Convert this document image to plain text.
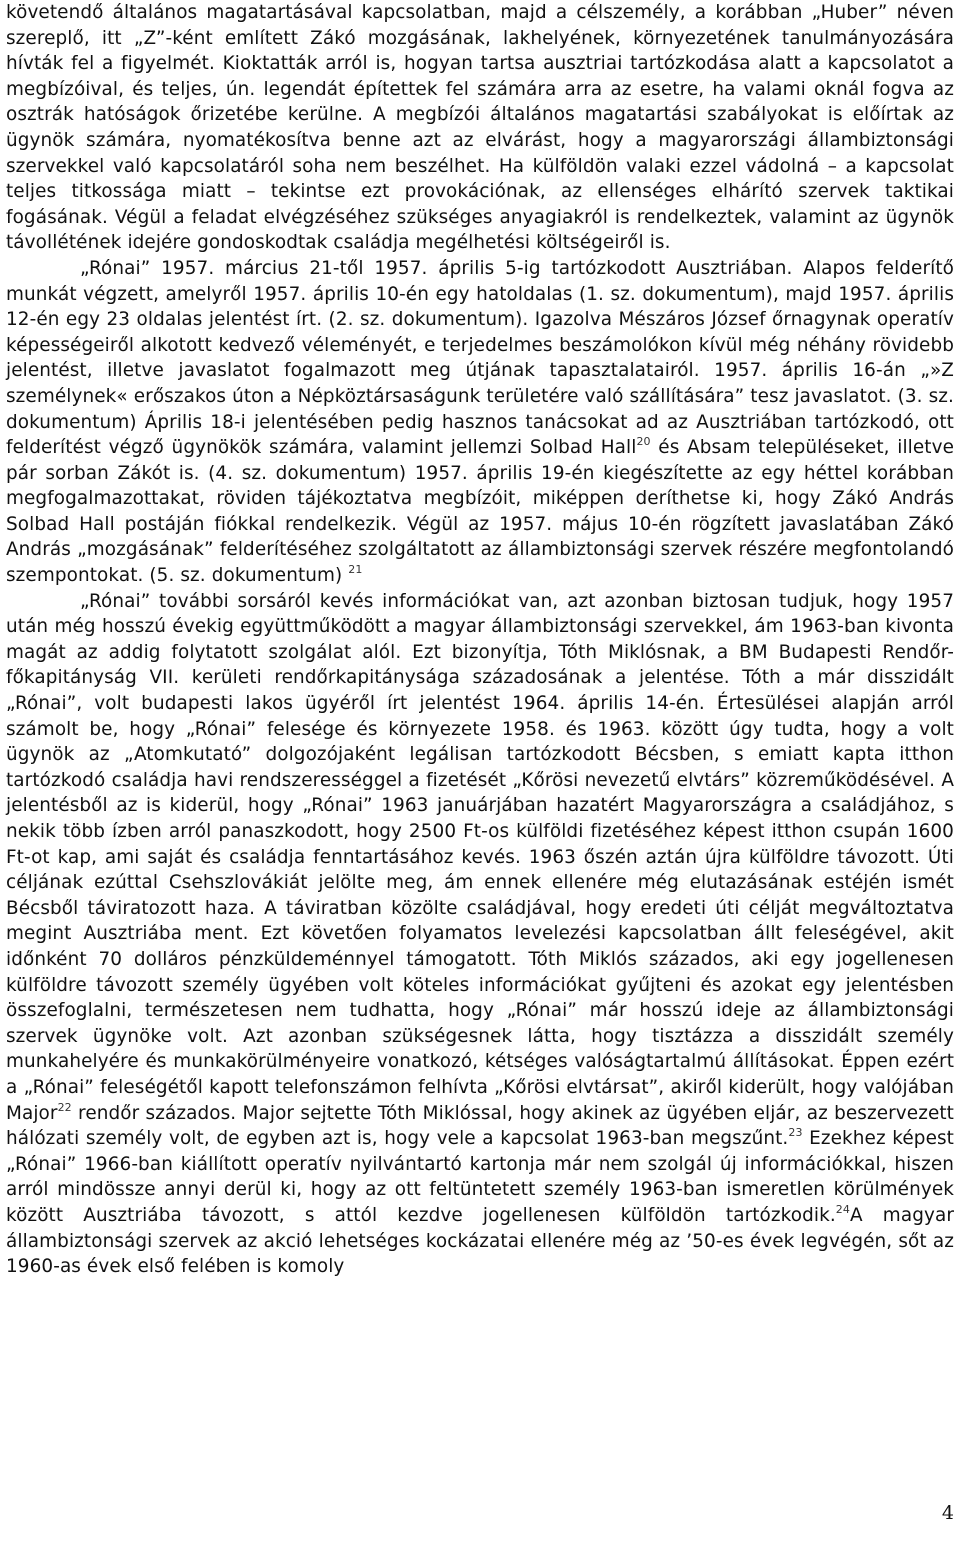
követendő általános magatartásával kapcsolatban, majd a célszemély, a korábban „Huber” néven szereplő, itt „Z”-ként említett Zákó mozgásának, lakhelyének, környezetének tanulmányozására hívták fel a figyelmét. Kioktatták arról is, hogyan tartsa ausztriai tartózkodása alatt a kapcsolatot a megbízóival, és teljes, ún. legendát építettek fel számára arra az esetre, ha valami oknál fogva az osztrák hatóságok őrizetébe kerülne. A megbízói általános magatartási szabályokat is előírtak az ügynök számára, nyomatékosítva benne azt az elvárást, hogy a magyarországi állambiztonsági szervekkel való kapcsolatáról soha nem beszélhet. Ha külföldön valaki ezzel vádolná – a kapcsolat teljes titkossága miatt – tekintse ezt provokációnak, az ellenséges elhárító szervek taktikai fogásának. Végül a feladat elvégzéséhez szükséges anyagiakról is rendelkeztek, valamint az ügynök távollétének idejére gondoskodtak családja megélhetési költségeiről is.

„Rónai” 1957. március 21-től 1957. április 5-ig tartózkodott Ausztriában. Alapos felderítő munkát végzett, amelyről 1957. április 10-én egy hatoldalas (1. sz. dokumentum), majd 1957. április 12-én egy 23 oldalas jelentést írt. (2. sz. dokumentum). Igazolva Mészáros József őrnagynak operatív képességeiről alkotott kedvező véleményét, e terjedelmes beszámolókon kívül még néhány rövidebb jelentést, illetve javaslatot fogalmazott meg útjának tapasztalatairól. 1957. április 16-án „»Z személynek« erőszakos úton a Népköztársaságunk területére való szállítására” tesz javaslatot. (3. sz. dokumentum) Április 18-i jelentésében pedig hasznos tanácsokat ad az Ausztriában tartózkodó, ott felderítést végző ügynökök számára, valamint jellemzi Solbad Hall$^{20}$ és Absam településeket, illetve pár sorban Zákót is. (4. sz. dokumentum) 1957. április 19-én kiegészítette az egy héttel korábban megfogalmazottakat, röviden tájékoztatva megbízóit, miképpen deríthetse ki, hogy Zákó András Solbad Hall postáján fiókkal rendelkezik. Végül az 1957. május 10-én rögzített javaslatában Zákó András „mozgásának” felderítéséhez szolgáltatott az állambiztonsági szervek részére megfontolandó szempontokat. (5. sz. dokumentum) $^{21}$

„Rónai” további sorsáról kevés információkat van, azt azonban biztosan tudjuk, hogy 1957 után még hosszú évekig együttműködött a magyar állambiztonsági szervekkel, ám 1963-ban kivonta magát az addig folytatott szolgálat alól. Ezt bizonyítja, Tóth Miklósnak, a BM Budapesti Rendőr-főkapitányság VII. kerületi rendőrkapitánysága századosának a jelentése. Tóth a már disszidált „Rónai”, volt budapesti lakos ügyéről írt jelentést 1964. április 14-én. Értesülései alapján arról számolt be, hogy „Rónai” felesége és környezete 1958. és 1963. között úgy tudta, hogy a volt ügynök az „Atomkutató” dolgozójaként legálisan tartózkodott Bécsben, s emiatt kapta itthon tartózkodó családja havi rendszerességgel a fizetését „Kőrösi nevezetű elvtárs” közreműködésével. A jelentésből az is kiderül, hogy „Rónai” 1963 januárjában hazatért Magyarországra a családjához, s nekik több ízben arról panaszkodott, hogy 2500 Ft-os külföldi fizetéséhez képest itthon csupán 1600 Ft-ot kap, ami saját és családja fenntartásához kevés. 1963 őszén aztán újra külföldre távozott. Úti céljának ezúttal Csehszlovákiát jelölte meg, ám ennek ellenére még elutazásának estéjén ismét Bécsből táviratozott haza. A táviratban közölte családjával, hogy eredeti úti célját megváltoztatva megint Ausztriába ment. Ezt követően folyamatos levelezési kapcsolatban állt feleségével, akit időnként 70 dolláros pénzküldeménnyel támogatott. Tóth Miklós százados, aki egy jogellenesen külföldre távozott személy ügyében volt köteles információkat gyűjteni és azokat egy jelentésben összefoglalni, természetesen nem tudhatta, hogy „Rónai” már hosszú ideje az állambiztonsági szervek ügynöke volt. Azt azonban szükségesnek látta, hogy tisztázza a disszidált személy munkahelyére és munkakörülményeire vonatkozó, kétséges valóságtartalmú állításokat. Éppen ezért a „Rónai” feleségétől kapott telefonszámon felhívta „Kőrösi elvtársat”, akiről kiderült, hogy valójában Major$^{22}$ rendőr százados. Major sejtette Tóth Miklóssal, hogy akinek az ügyében eljár, az beszervezett hálózati személy volt, de egyben azt is, hogy vele a kapcsolat 1963-ban megszűnt.$^{23}$ Ezekhez képest „Rónai” 1966-ban kiállított operatív nyilvántartó kartonja már nem szolgál új információkkal, hiszen arról mindössze annyi derül ki, hogy az ott feltüntetett személy 1963-ban ismeretlen körülmények között Ausztriába távozott, s attól kezdve jogellenesen külföldön tartózkodik.$^{24}$A magyar állambiztonsági szervek az akció lehetséges kockázatai ellenére még az ’50-es évek legvégén, sőt az 1960-as évek első felében is komoly

4
